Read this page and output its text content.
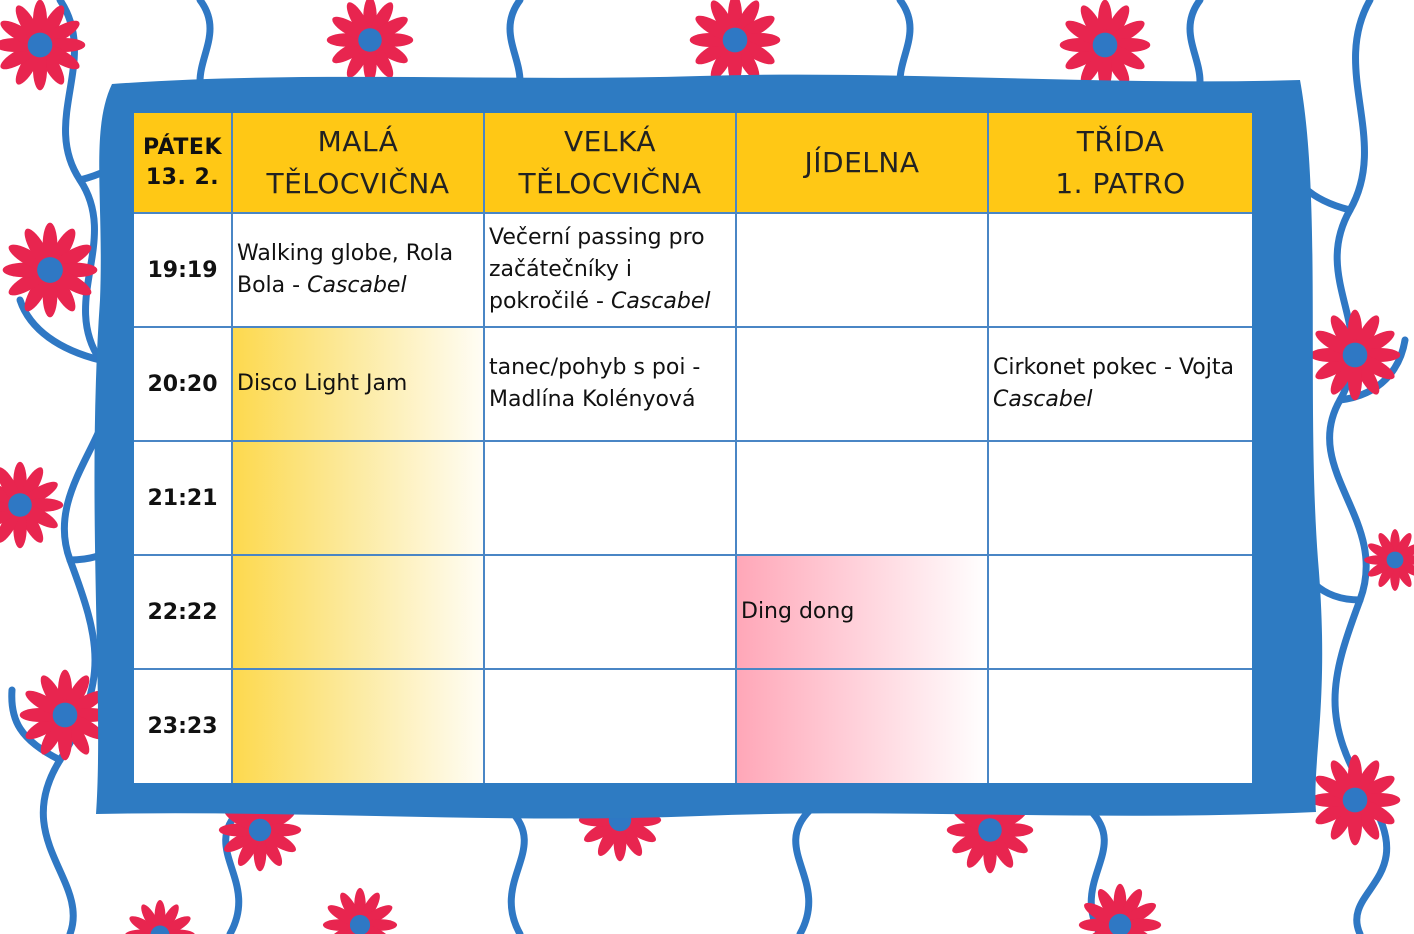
PÁTEK
13. 2.
MALÁ
TĚLOCVIČNA
VELKÁ
TĚLOCVIČNA
JÍDELNA
TŘÍDA
1. PATRO
19:19
Walking globe, Rola Bola - Cascabel
Večerní passing pro začátečníky i pokročilé - Cascabel
20:20 Disco Light Jam
tanec/pohyb s poi - Madlína Kolényová
Cirkonet pokec - Vojta Cascabel
21:21
22:22	Ding dong
23:23
